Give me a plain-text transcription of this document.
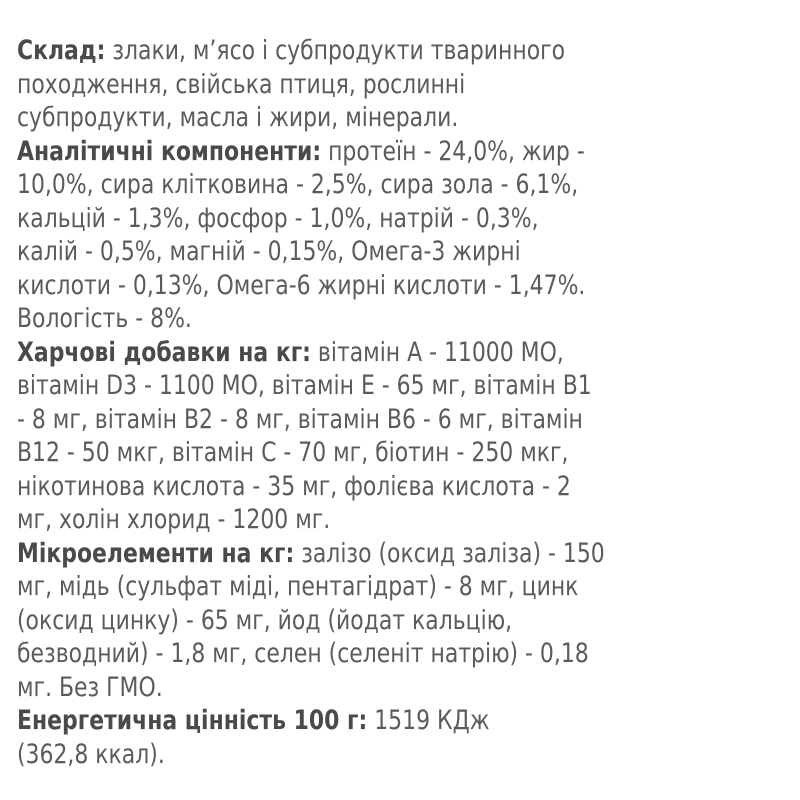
Склад: злаки, м’ясо і субпродукти тваринного
походження, свійська птиця, рослинні
субпродукти, масла і жири, мінерали.
Аналітичні компоненти: протеїн - 24,0%, жир -
10,0%, сира клітковина - 2,5%, сира зола - 6,1%,
кальцій - 1,3%, фосфор - 1,0%, натрій - 0,3%,
калій - 0,5%, магній - 0,15%, Омега-3 жирні
кислоти - 0,13%, Омега-6 жирні кислоти - 1,47%.
Вологість - 8%.
Харчові добавки на кг: вітамін А - 11000 МО,
вітамін D3 - 1100 МО, вітамін Е - 65 мг, вітамін В1
- 8 мг, вітамін В2 - 8 мг, вітамін В6 - 6 мг, вітамін
В12 - 50 мкг, вітамін С - 70 мг, біотин - 250 мкг,
нікотинова кислота - 35 мг, фолієва кислота - 2
мг, холін хлорид - 1200 мг.
Мікроелементи на кг: залізо (оксид заліза) - 150
мг, мідь (сульфат міді, пентагідрат) - 8 мг, цинк
(оксид цинку) - 65 мг, йод (йодат кальцію,
безводний) - 1,8 мг, селен (селеніт натрію) - 0,18
мг. Без ГМО.
Енергетична цінність 100 г: 1519 КДж
(362,8 ккал).
